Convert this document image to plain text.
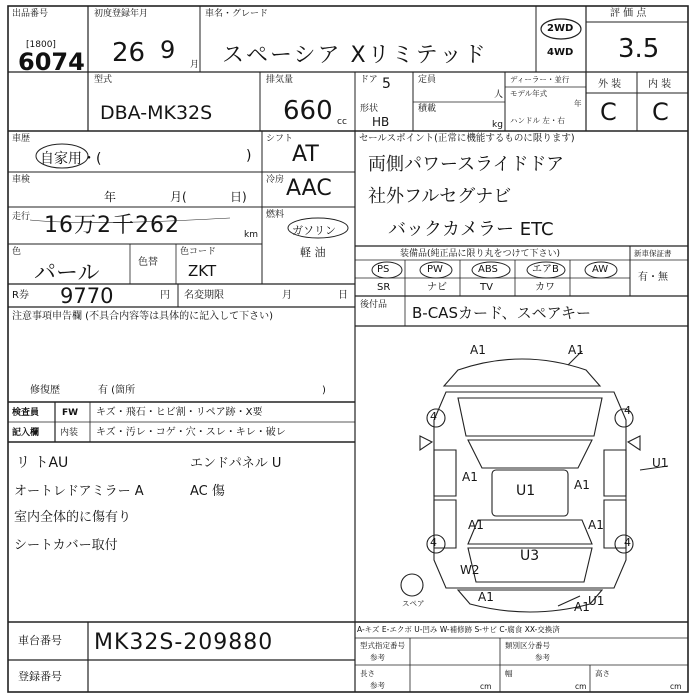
出品番号
[1800]
6074
初度登録年月
26 9
月
車名・グレード
スペーシア Xリミテッド
2WD
4WD
評 価 点
3.5
型式
DBA-MK32S
排気量
660 cc
ドア 5
形状
HB
定員
人
積載
kg
ディーラー・並行
モデル年式
年
ハンドル 左・右
外 装	内 装
C C
車歴
自家用・(	)
車検
年	月(	日)
走行 16万2千262	km
色
パール	色替
色コード
ZKT
R券 9770	円 名変期限	月	日
シフト
AT
冷房 AAC
燃料
ガソリン
軽 油
セールスポイント(正常に機能するものに限ります)
両側パワースライドドア
社外フルセグナビ
バックカメラー ETC
装備品(純正品に限り丸をつけて下さい)
PS	PW	ABS	エアB	AW
SR	ナビ	TV	カワ
新車保証書
有・無
後付品 B-CASカード、スペアキー
注意事項申告欄 (不具合内容等は具体的に記入して下さい)
修復歴	有 (箇所	)
検査員
記入欄
FW キズ・飛石・ヒビ割・リペア跡・X要
内装 キズ・汚レ・コゲ・穴・スレ・キレ・破レ
リ トAU
オートレドアミラー A
室内全体的に傷有り
シートカバー取付
エンドパネル U
AC 傷
A1	A1
A1
A1
U1
A1	A1
A1
U1
W2
U3
U1
A1
4	4
4	4
スペア
A-キズ E-エクボ U-凹み W-補修跡 S-サビ C-腐食 XX-交換済
車台番号 MK32S-209880
登録番号
型式指定番号
参考
類別区分番号
参考
長さ
参考	cm
幅
cm
高さ
cm
